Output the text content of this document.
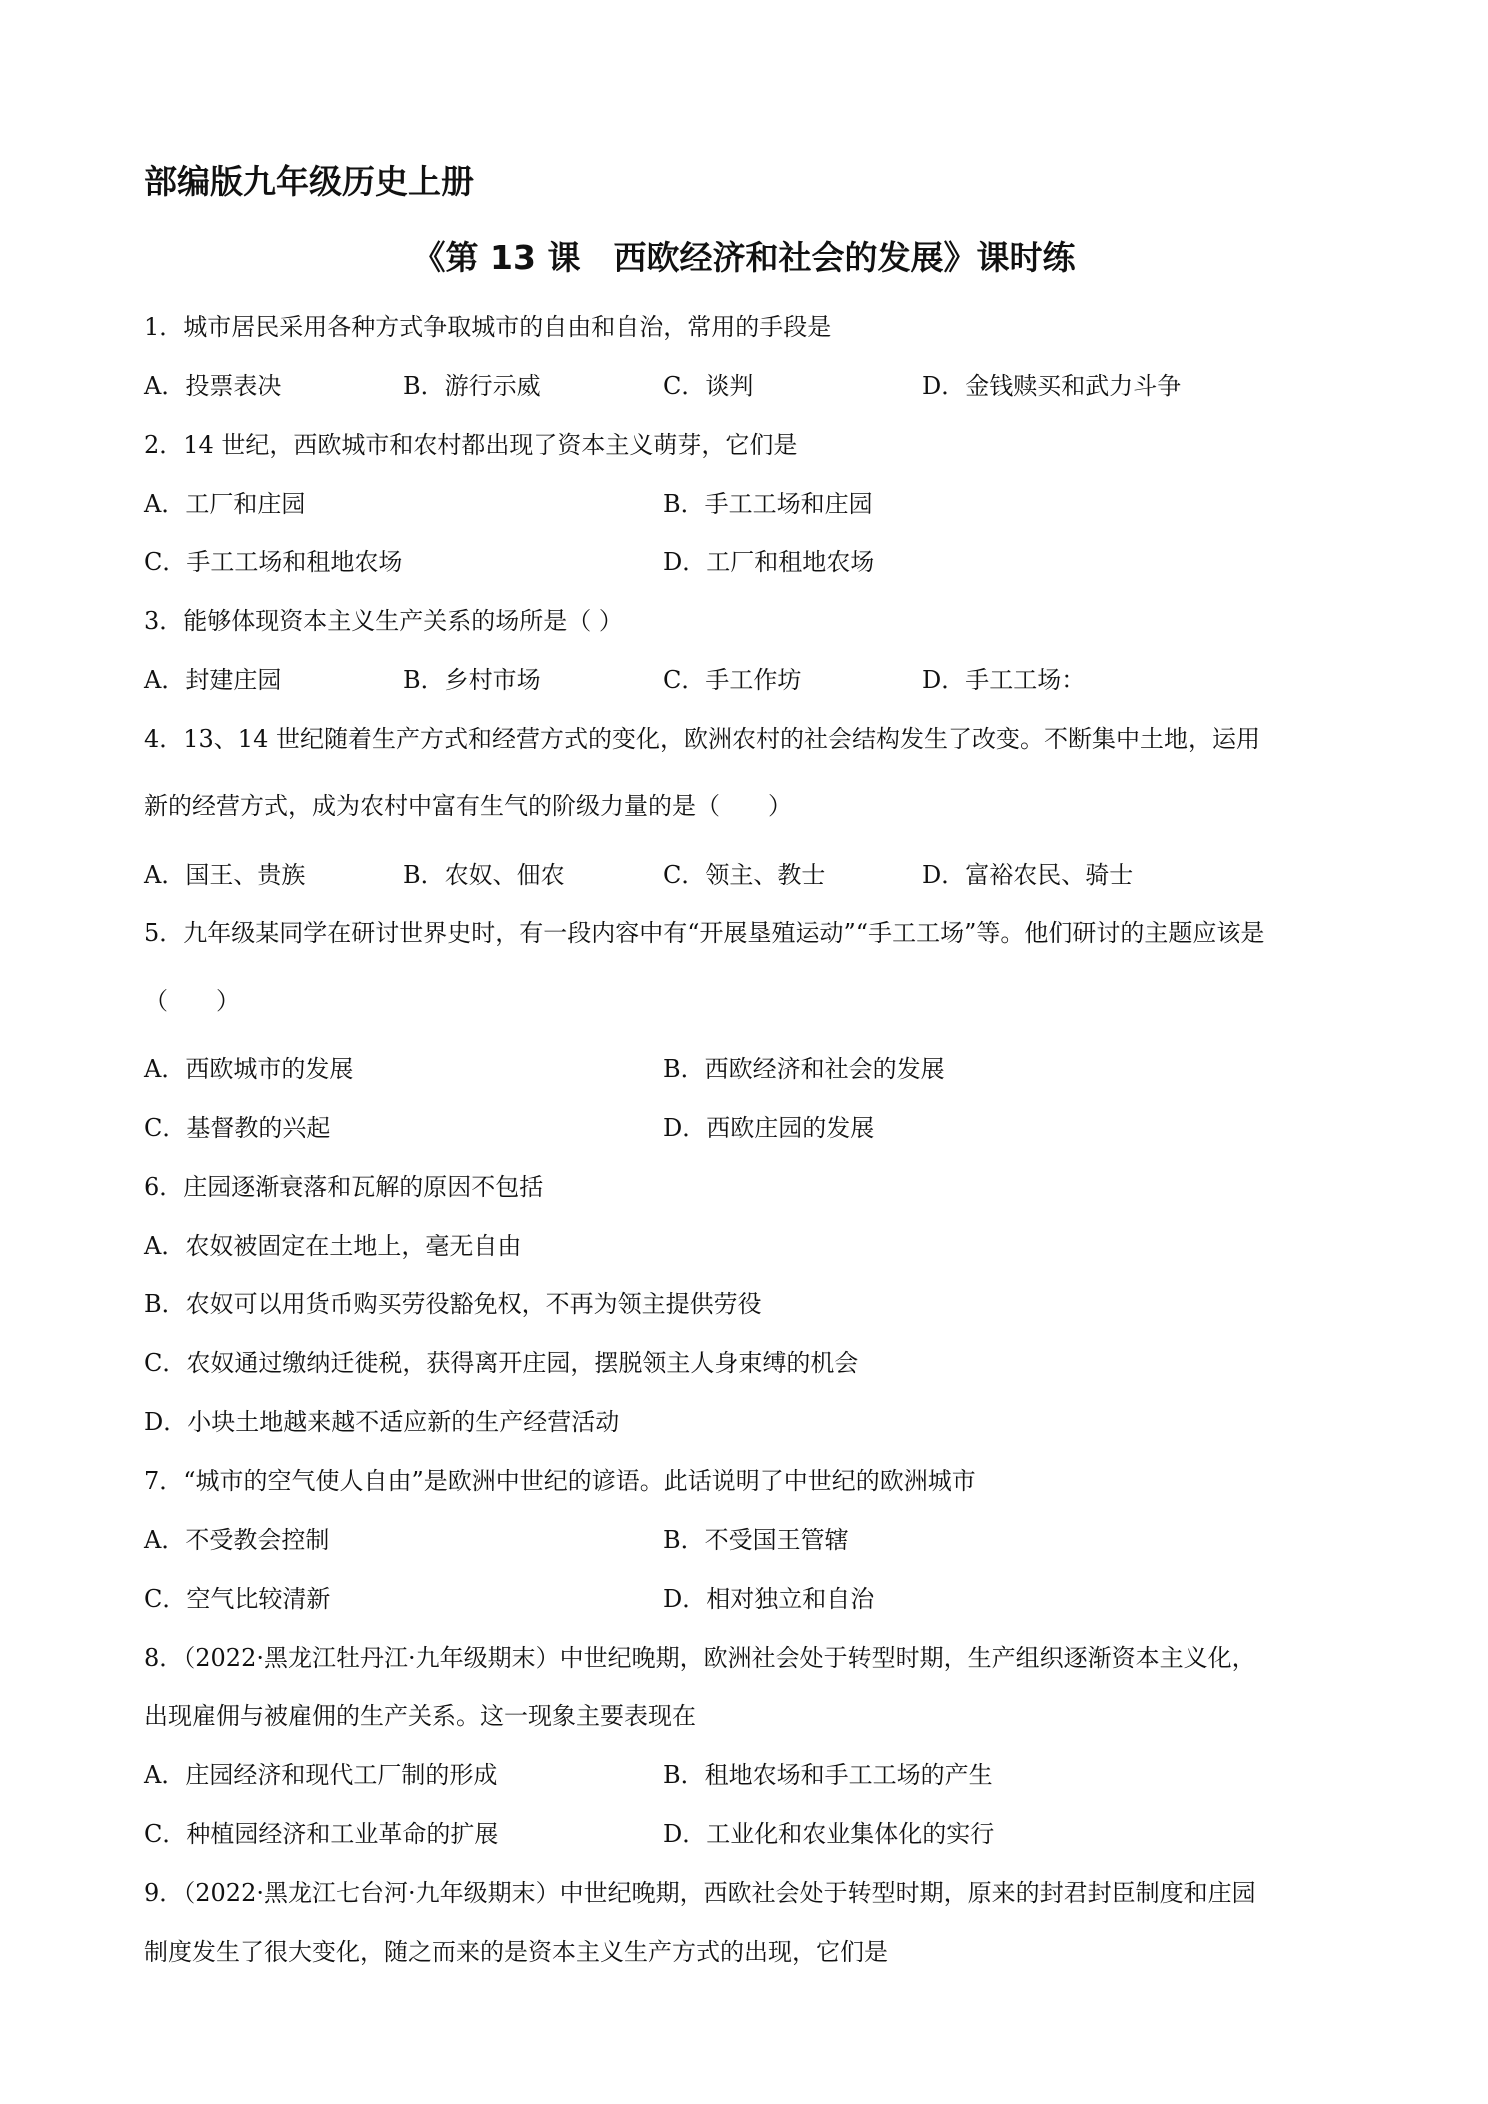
部编版九年级历史上册
《第 13 课　西欧经济和社会的发展》课时练
1．城市居民采用各种方式争取城市的自由和自治，常用的手段是
A．投票表决	B．游行示威	C．谈判	D．金钱赎买和武力斗争
2．14 世纪，西欧城市和农村都出现了资本主义萌芽，它们是
A．工厂和庄园	B．手工工场和庄园
C．手工工场和租地农场	D．工厂和租地农场
3．能够体现资本主义生产关系的场所是（ ）
A．封建庄园	B．乡村市场	C．手工作坊	D．手工工场：
4．13、14 世纪随着生产方式和经营方式的变化，欧洲农村的社会结构发生了改变。不断集中土地，运用
新的经营方式，成为农村中富有生气的阶级力量的是（　　）
A．国王、贵族	B．农奴、佃农	C．领主、教士	D．富裕农民、骑士
5．九年级某同学在研讨世界史时，有一段内容中有“开展垦殖运动”“手工工场”等。他们研讨的主题应该是
（　　）
A．西欧城市的发展	B．西欧经济和社会的发展
C．基督教的兴起	D．西欧庄园的发展
6．庄园逐渐衰落和瓦解的原因不包括
A．农奴被固定在土地上，毫无自由
B．农奴可以用货币购买劳役豁免权，不再为领主提供劳役
C．农奴通过缴纳迁徙税，获得离开庄园，摆脱领主人身束缚的机会
D．小块土地越来越不适应新的生产经营活动
7．“城市的空气使人自由”是欧洲中世纪的谚语。此话说明了中世纪的欧洲城市
A．不受教会控制	B．不受国王管辖
C．空气比较清新	D．相对独立和自治
8．（2022·黑龙江牡丹江·九年级期末）中世纪晚期，欧洲社会处于转型时期，生产组织逐渐资本主义化，
出现雇佣与被雇佣的生产关系。这一现象主要表现在
A．庄园经济和现代工厂制的形成	B．租地农场和手工工场的产生
C．种植园经济和工业革命的扩展	D．工业化和农业集体化的实行
9．（2022·黑龙江七台河·九年级期末）中世纪晚期，西欧社会处于转型时期，原来的封君封臣制度和庄园
制度发生了很大变化，随之而来的是资本主义生产方式的出现，它们是
